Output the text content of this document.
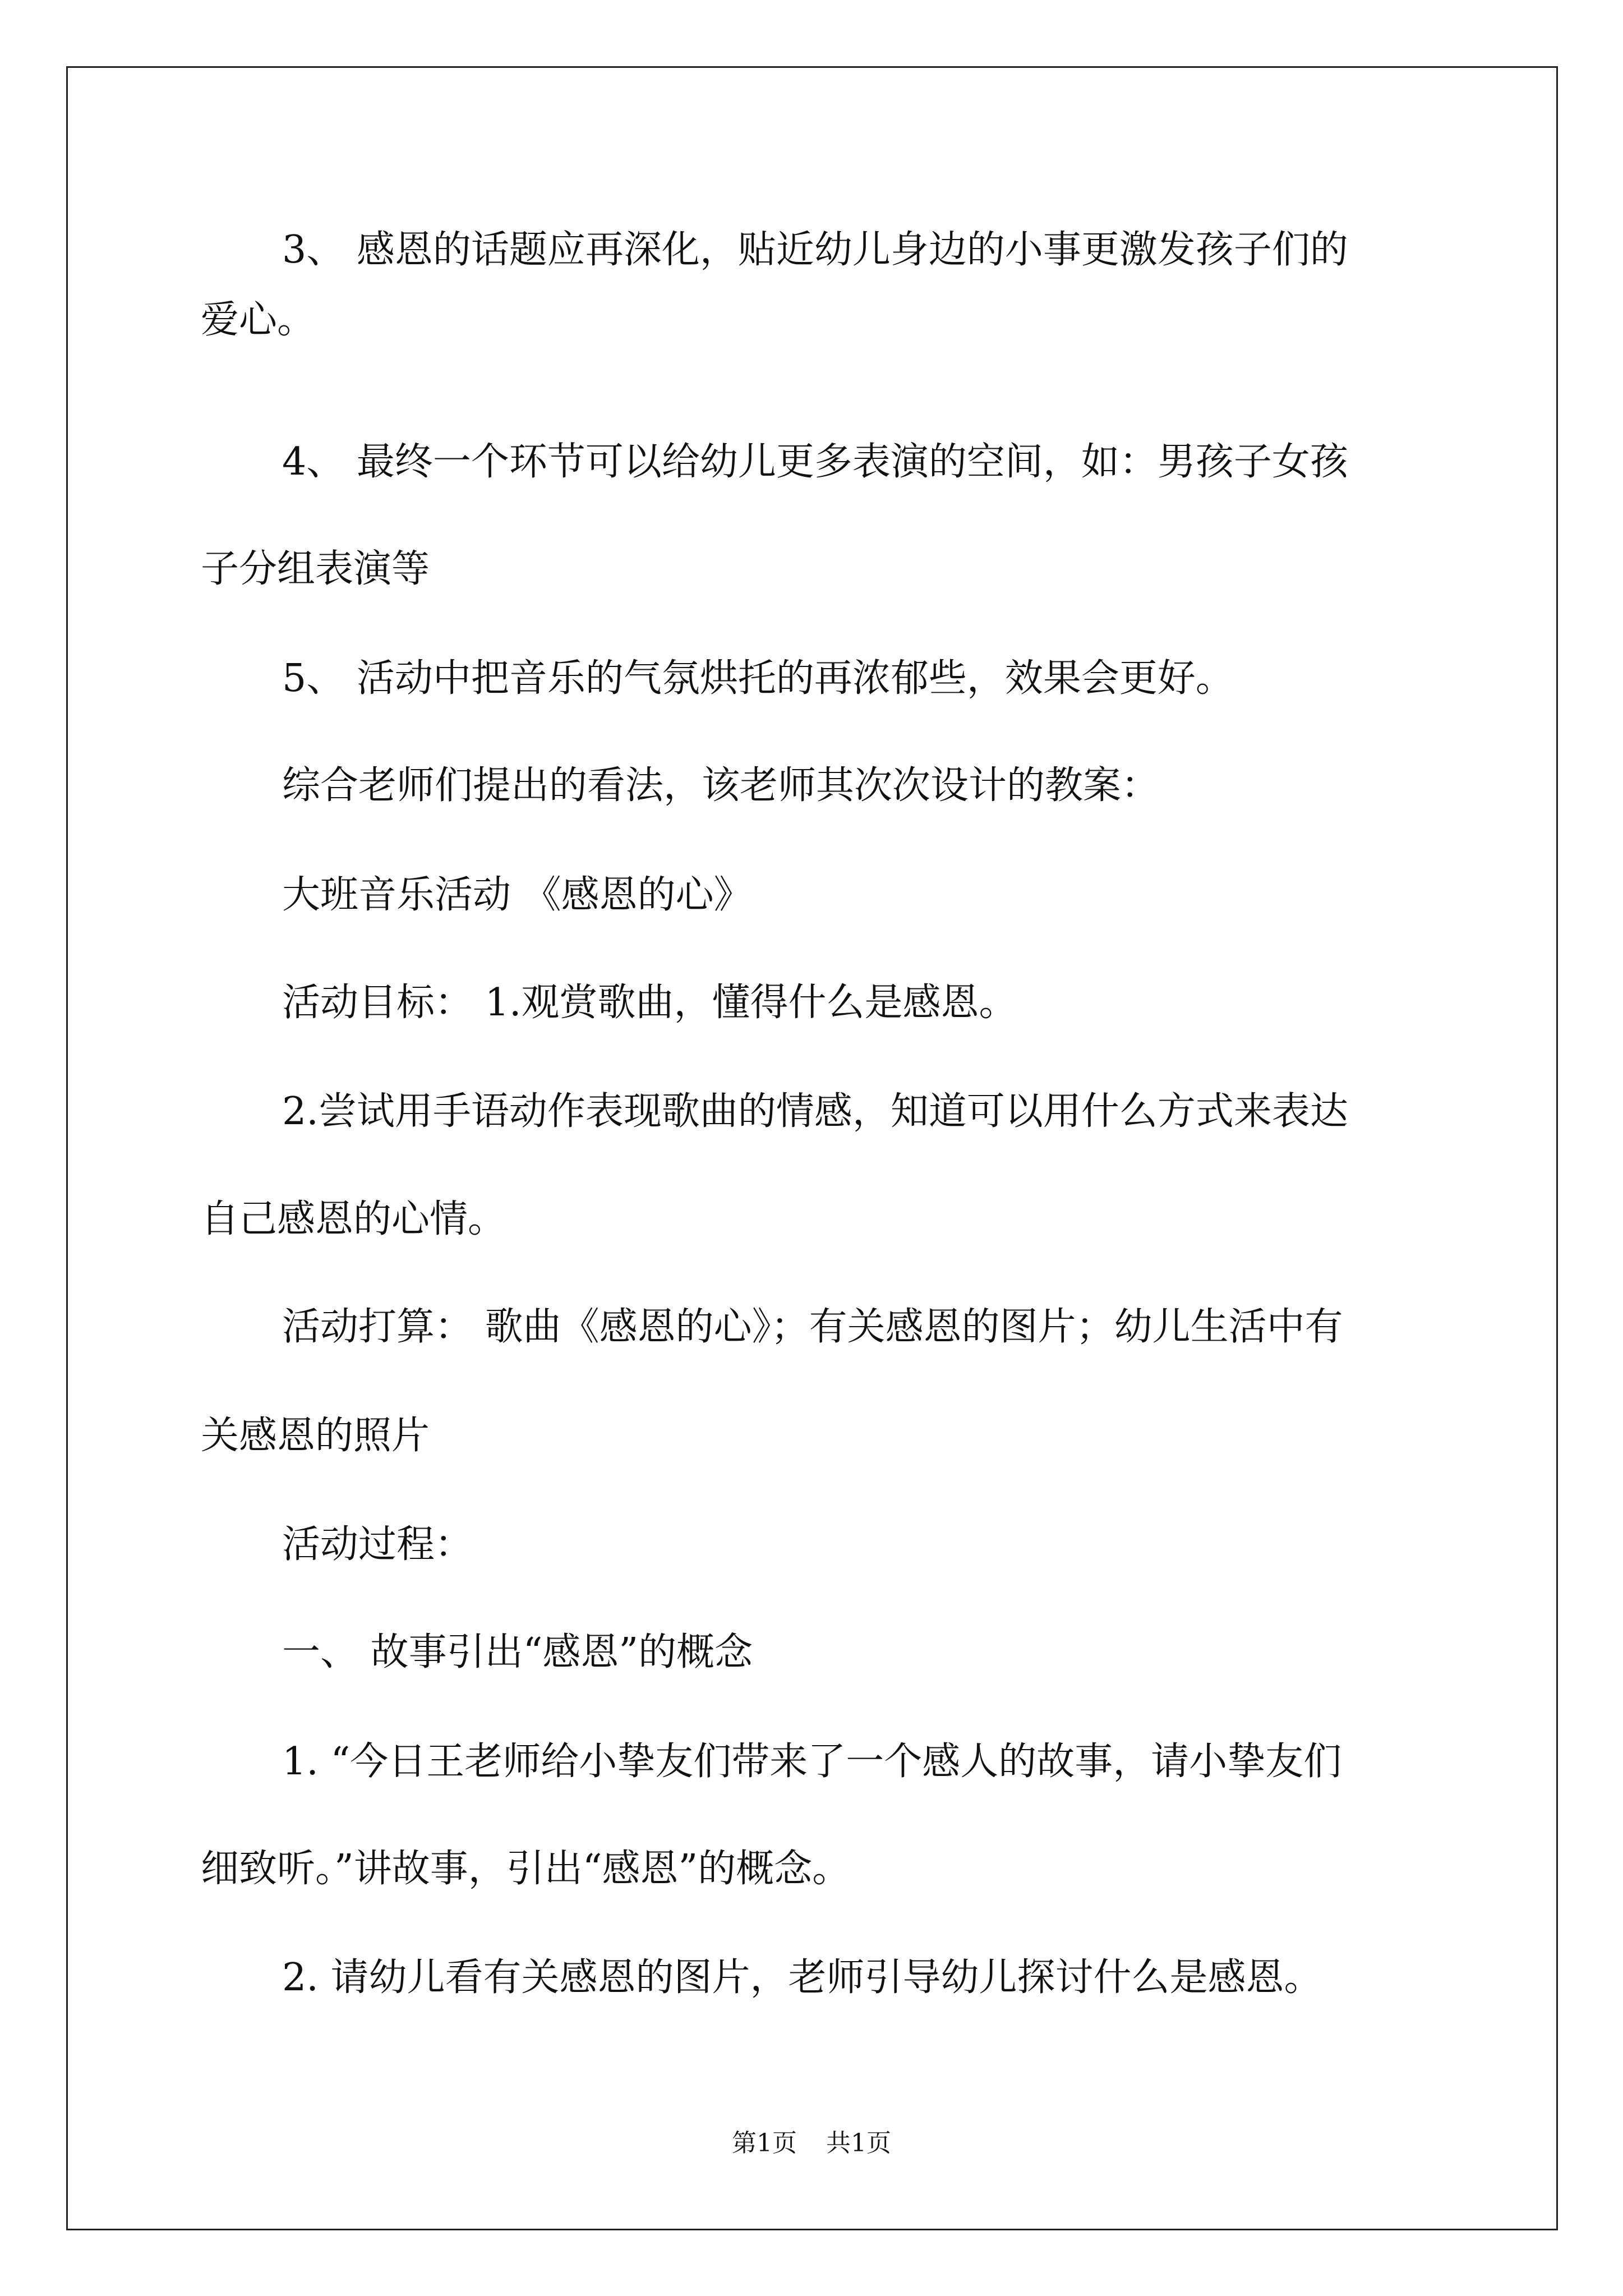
3、 感恩的话题应再深化，贴近幼儿身边的小事更激发孩子们的
爱心。
4、 最终一个环节可以给幼儿更多表演的空间，如：男孩子女孩
子分组表演等
5、 活动中把音乐的气氛烘托的再浓郁些，效果会更好。
综合老师们提出的看法，该老师其次次设计的教案：
大班音乐活动 《感恩的心》
活动目标： 1.观赏歌曲，懂得什么是感恩。
2.尝试用手语动作表现歌曲的情感，知道可以用什么方式来表达
自己感恩的心情。
活动打算： 歌曲《感恩的心》；有关感恩的图片；幼儿生活中有
关感恩的照片
活动过程：
一、 故事引出“感恩”的概念
1. “今日王老师给小挚友们带来了一个感人的故事，请小挚友们
细致听。”讲故事，引出“感恩”的概念。
2. 请幼儿看有关感恩的图片，老师引导幼儿探讨什么是感恩。
第1页 共1页
